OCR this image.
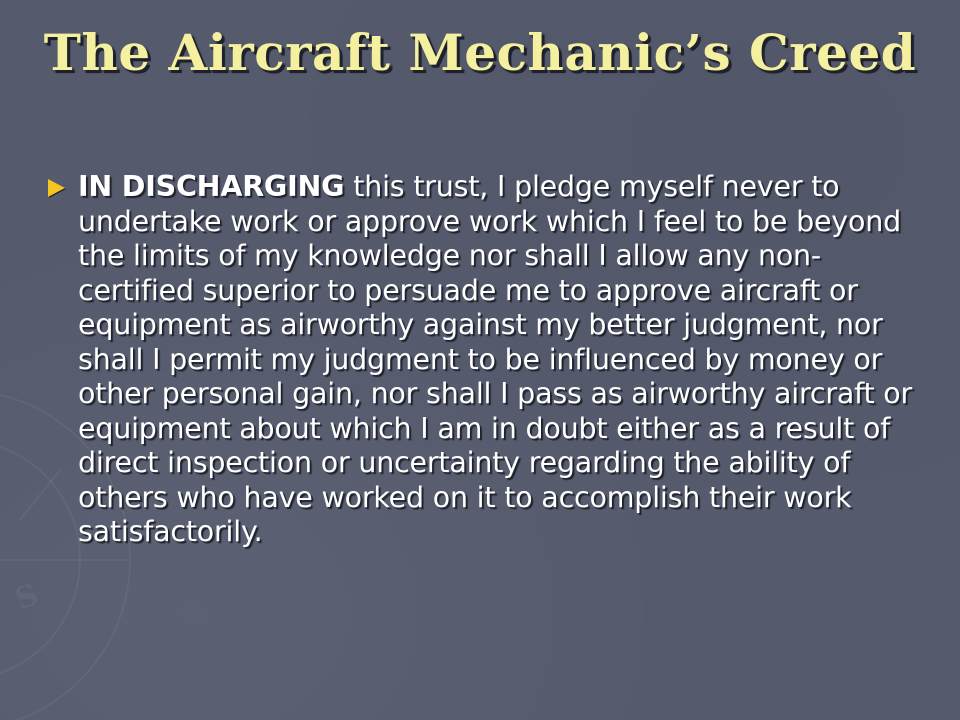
S
The Aircraft Mechanic’s Creed
IN DISCHARGING this trust, I pledge myself never to undertake work or approve work which I feel to be beyond the limits of my knowledge nor shall I allow any non-certified superior to persuade me to approve aircraft or equipment as airworthy against my better judgment, nor shall I permit my judgment to be influenced by money or other personal gain, nor shall I pass as airworthy aircraft or equipment about which I am in doubt either as a result of direct inspection or uncertainty regarding the ability of others who have worked on it to accomplish their work satisfactorily.
